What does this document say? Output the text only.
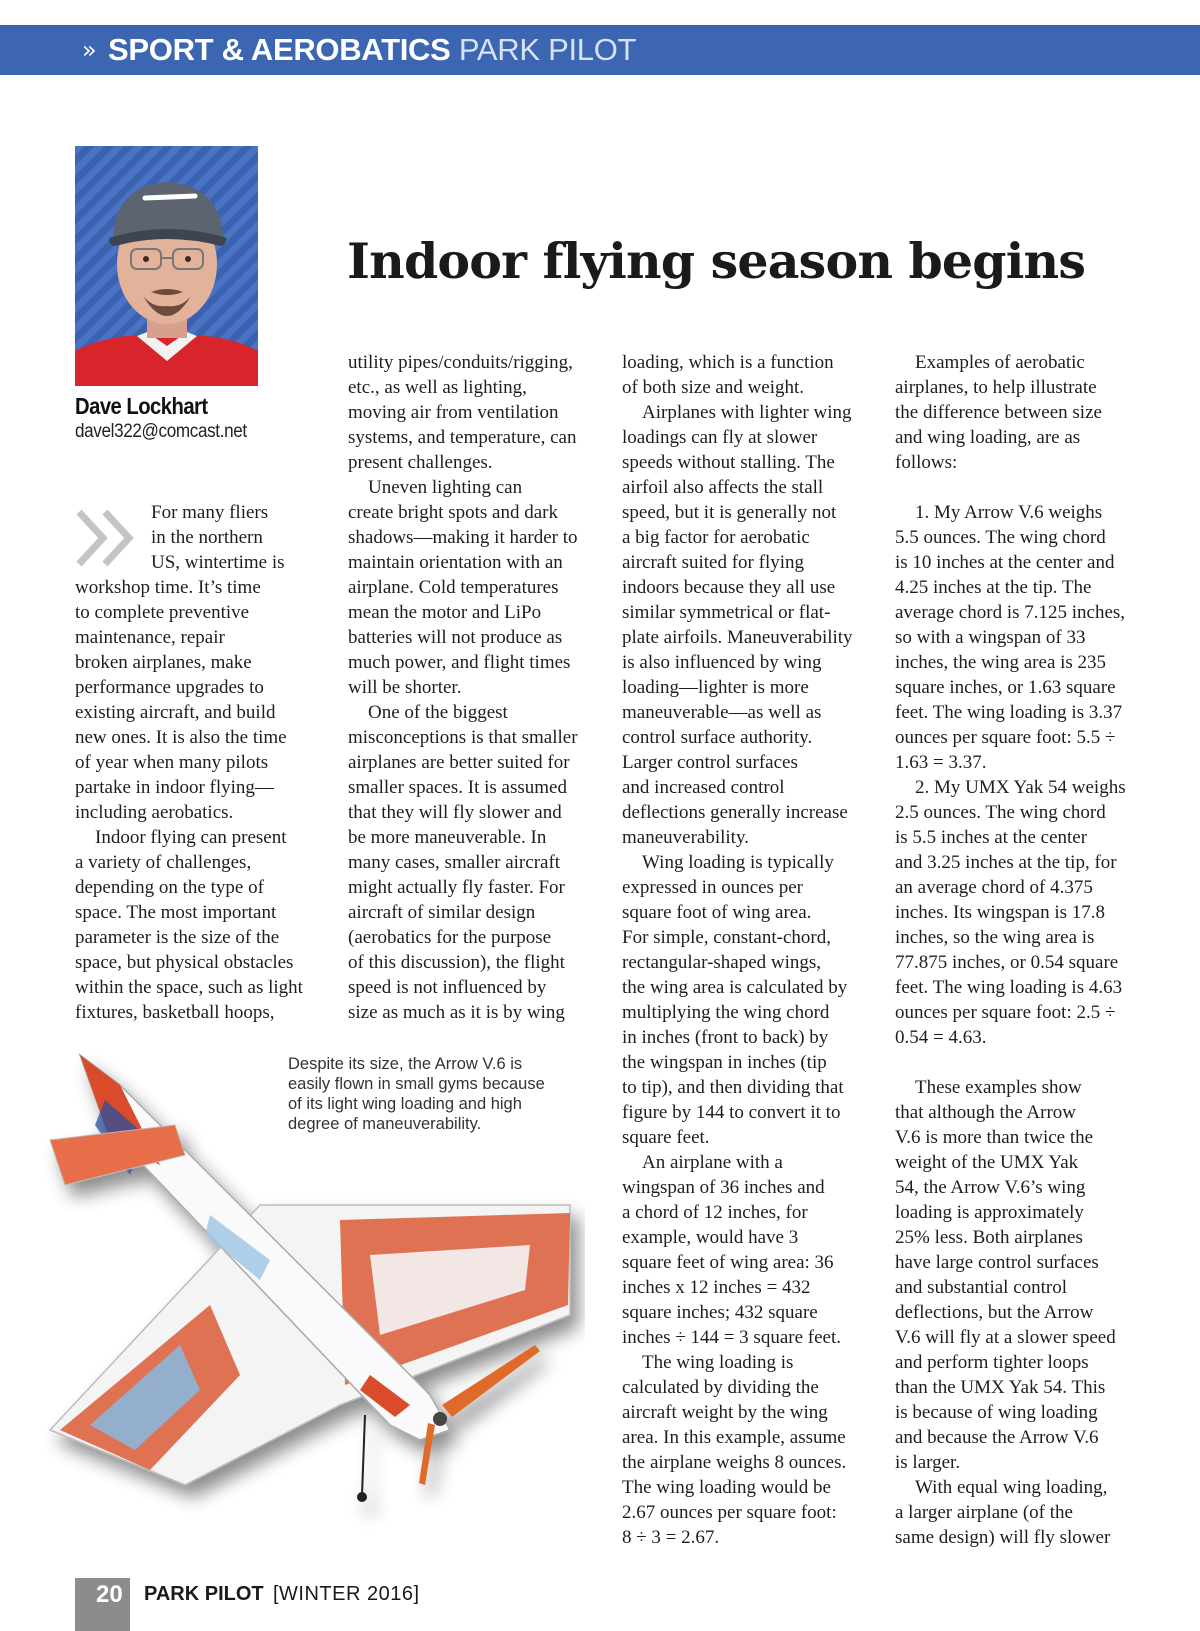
» SPORT & AEROBATICS PARK PILOT
Dave Lockhart
davel322@comcast.net
Indoor flying season begins
For many fliers
in the northern
US, wintertime is
workshop time. It’s time
to complete preventive
maintenance, repair
broken airplanes, make
performance upgrades to
existing aircraft, and build
new ones. It is also the time
of year when many pilots
partake in indoor flying—
including aerobatics.
Indoor flying can present
a variety of challenges,
depending on the type of
space. The most important
parameter is the size of the
space, but physical obstacles
within the space, such as light
fixtures, basketball hoops,
utility pipes/conduits/rigging,
etc., as well as lighting,
moving air from ventilation
systems, and temperature, can
present challenges.
Uneven lighting can
create bright spots and dark
shadows—making it harder to
maintain orientation with an
airplane. Cold temperatures
mean the motor and LiPo
batteries will not produce as
much power, and flight times
will be shorter.
One of the biggest
misconceptions is that smaller
airplanes are better suited for
smaller spaces. It is assumed
that they will fly slower and
be more maneuverable. In
many cases, smaller aircraft
might actually fly faster. For
aircraft of similar design
(aerobatics for the purpose
of this discussion), the flight
speed is not influenced by
size as much as it is by wing
loading, which is a function
of both size and weight.
Airplanes with lighter wing
loadings can fly at slower
speeds without stalling. The
airfoil also affects the stall
speed, but it is generally not
a big factor for aerobatic
aircraft suited for flying
indoors because they all use
similar symmetrical or flat-
plate airfoils. Maneuverability
is also influenced by wing
loading—lighter is more
maneuverable—as well as
control surface authority.
Larger control surfaces
and increased control
deflections generally increase
maneuverability.
Wing loading is typically
expressed in ounces per
square foot of wing area.
For simple, constant-chord,
rectangular-shaped wings,
the wing area is calculated by
multiplying the wing chord
in inches (front to back) by
the wingspan in inches (tip
to tip), and then dividing that
figure by 144 to convert it to
square feet.
An airplane with a
wingspan of 36 inches and
a chord of 12 inches, for
example, would have 3
square feet of wing area: 36
inches x 12 inches = 432
square inches; 432 square
inches ÷ 144 = 3 square feet.
The wing loading is
calculated by dividing the
aircraft weight by the wing
area. In this example, assume
the airplane weighs 8 ounces.
The wing loading would be
2.67 ounces per square foot:
8 ÷ 3 = 2.67.
Examples of aerobatic
airplanes, to help illustrate
the difference between size
and wing loading, are as
follows:
1. My Arrow V.6 weighs
5.5 ounces. The wing chord
is 10 inches at the center and
4.25 inches at the tip. The
average chord is 7.125 inches,
so with a wingspan of 33
inches, the wing area is 235
square inches, or 1.63 square
feet. The wing loading is 3.37
ounces per square foot: 5.5 ÷
1.63 = 3.37.
2. My UMX Yak 54 weighs
2.5 ounces. The wing chord
is 5.5 inches at the center
and 3.25 inches at the tip, for
an average chord of 4.375
inches. Its wingspan is 17.8
inches, so the wing area is
77.875 inches, or 0.54 square
feet. The wing loading is 4.63
ounces per square foot: 2.5 ÷
0.54 = 4.63.
These examples show
that although the Arrow
V.6 is more than twice the
weight of the UMX Yak
54, the Arrow V.6’s wing
loading is approximately
25% less. Both airplanes
have large control surfaces
and substantial control
deflections, but the Arrow
V.6 will fly at a slower speed
and perform tighter loops
than the UMX Yak 54. This
is because of wing loading
and because the Arrow V.6
is larger.
With equal wing loading,
a larger airplane (of the
same design) will fly slower
Despite its size, the Arrow V.6 is
easily flown in small gyms because
of its light wing loading and high
degree of maneuverability.
20 PARK PILOT [WINTER 2016]
